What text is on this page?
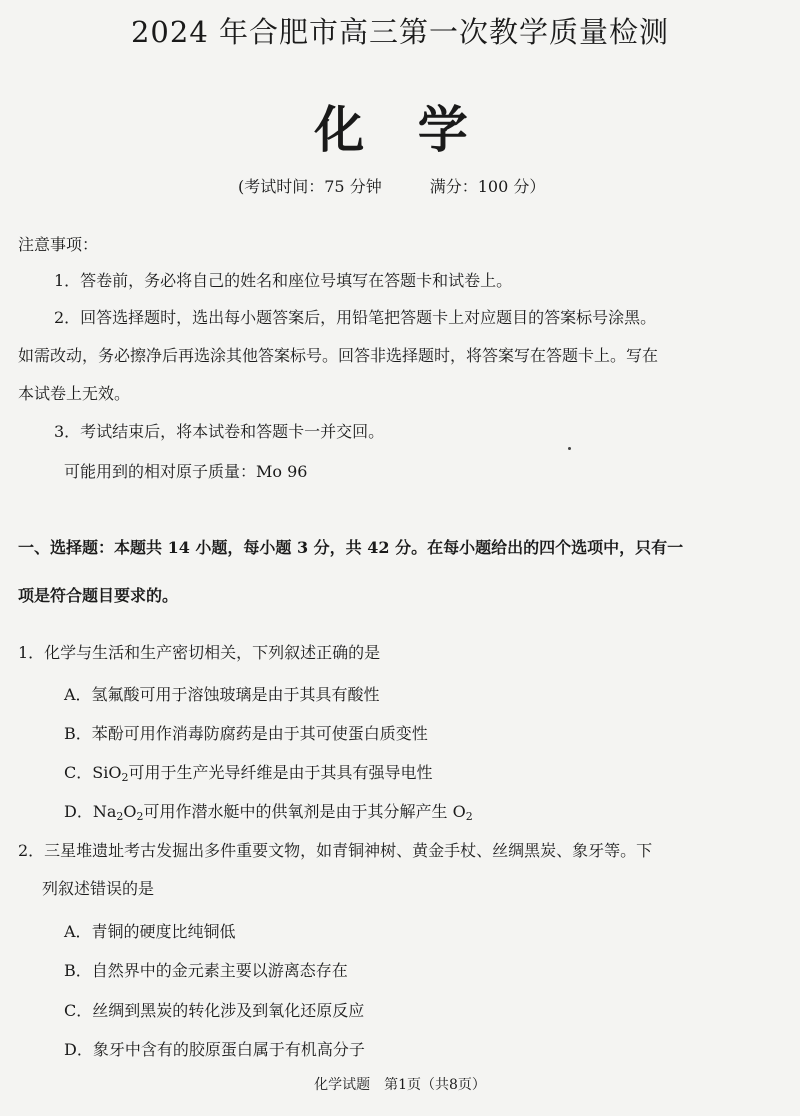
2024 年合肥市高三第一次教学质量检测
化 学
(考试时间：75 分钟	满分：100 分）
注意事项：
1．答卷前，务必将自己的姓名和座位号填写在答题卡和试卷上。
2．回答选择题时，选出每小题答案后，用铅笔把答题卡上对应题目的答案标号涂黑。
如需改动，务必擦净后再选涂其他答案标号。回答非选择题时，将答案写在答题卡上。写在
本试卷上无效。
3．考试结束后，将本试卷和答题卡一并交回。
可能用到的相对原子质量：Mo 96
一、选择题：本题共 14 小题，每小题 3 分，共 42 分。在每小题给出的四个选项中，只有一
项是符合题目要求的。
1．化学与生活和生产密切相关，下列叙述正确的是
A．氢氟酸可用于溶蚀玻璃是由于其具有酸性
B．苯酚可用作消毒防腐药是由于其可使蛋白质变性
C．SiO$_2$可用于生产光导纤维是由于其具有强导电性
D．$Na_2O_2$可用作潜水艇中的供氧剂是由于其分解产生 $O_2$
2．三星堆遗址考古发掘出多件重要文物，如青铜神树、黄金手杖、丝绸黑炭、象牙等。下
列叙述错误的是
A．青铜的硬度比纯铜低
B．自然界中的金元素主要以游离态存在
C．丝绸到黑炭的转化涉及到氧化还原反应
D．象牙中含有的胶原蛋白属于有机高分子
化学试题　第1页（共8页）
